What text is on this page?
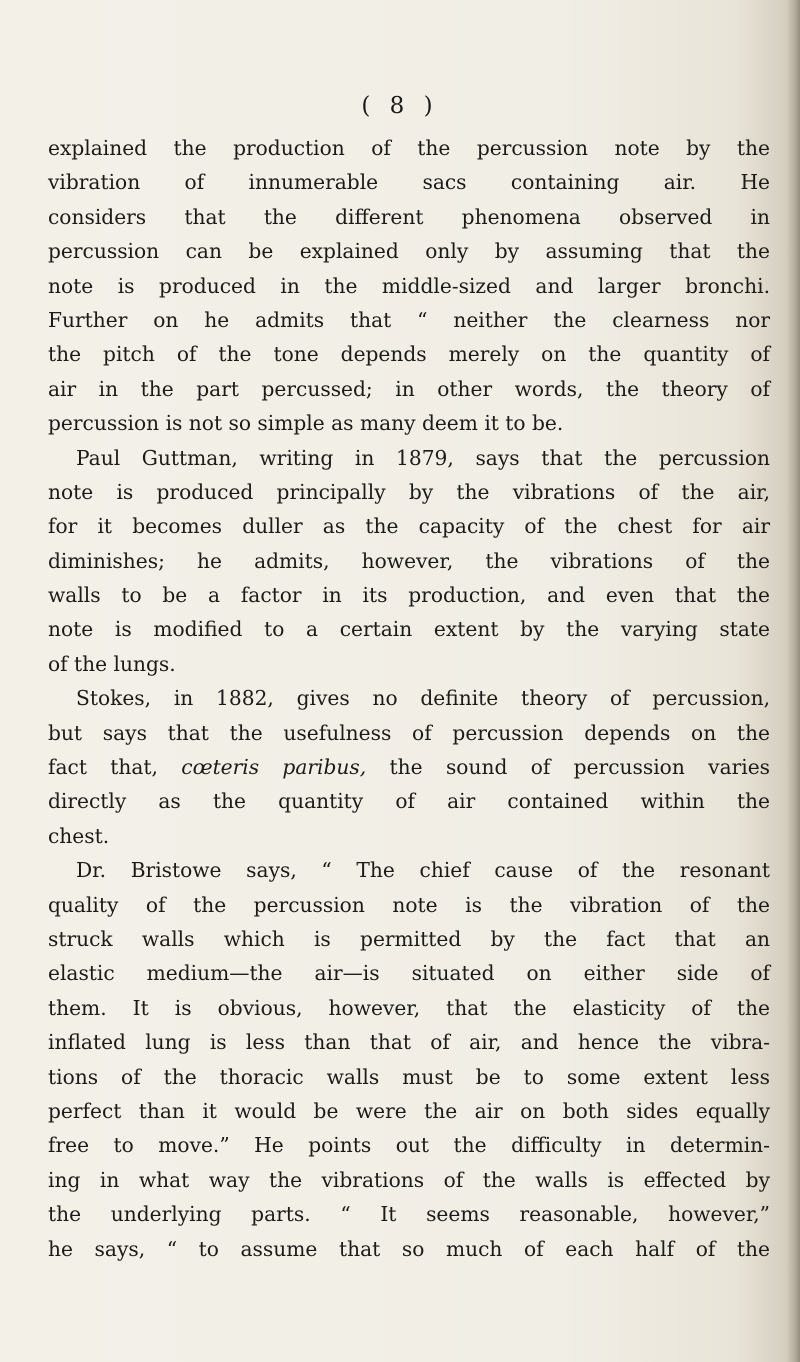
( 8 )
explained the production of the percussion note by the
vibration of innumerable sacs containing air. He
considers that the different phenomena observed in
percussion can be explained only by assuming that the
note is produced in the middle-sized and larger bronchi.
Further on he admits that “ neither the clearness nor
the pitch of the tone depends merely on the quantity of
air in the part percussed; in other words, the theory of
percussion is not so simple as many deem it to be.
Paul Guttman, writing in 1879, says that the percussion
note is produced principally by the vibrations of the air,
for it becomes duller as the capacity of the chest for air
diminishes; he admits, however, the vibrations of the
walls to be a factor in its production, and even that the
note is modified to a certain extent by the varying state
of the lungs.
Stokes, in 1882, gives no definite theory of percussion,
but says that the usefulness of percussion depends on the
fact that, cœteris paribus, the sound of percussion varies
directly as the quantity of air contained within the
chest.
Dr. Bristowe says, “ The chief cause of the resonant
quality of the percussion note is the vibration of the
struck walls which is permitted by the fact that an
elastic medium—the air—is situated on either side of
them. It is obvious, however, that the elasticity of the
inflated lung is less than that of air, and hence the vibra-
tions of the thoracic walls must be to some extent less
perfect than it would be were the air on both sides equally
free to move.” He points out the difficulty in determin-
ing in what way the vibrations of the walls is effected by
the underlying parts. “ It seems reasonable, however,”
he says, “ to assume that so much of each half of the
